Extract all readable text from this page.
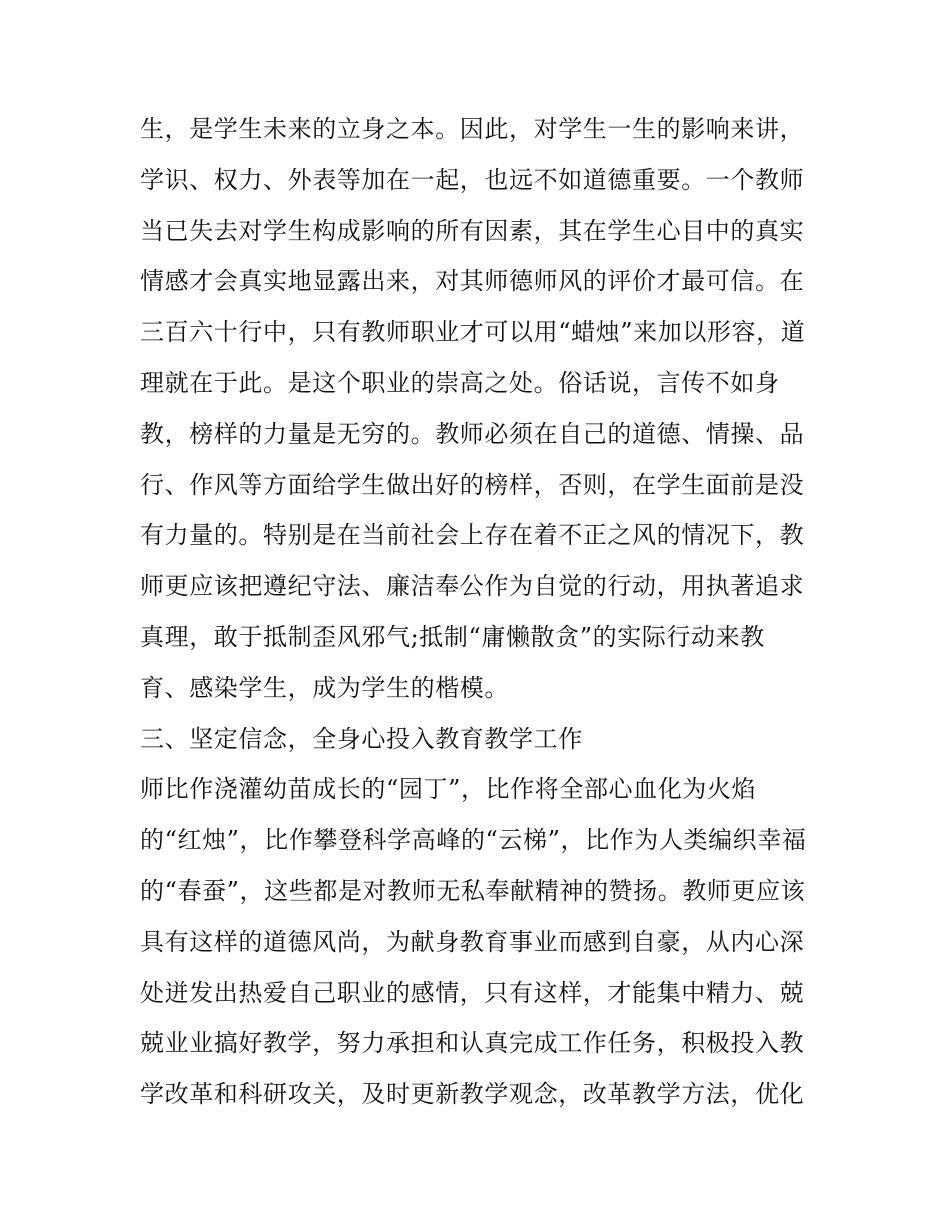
生，是学生未来的立身之本。因此，对学生一生的影响来讲，
学识、权力、外表等加在一起，也远不如道德重要。一个教师
当已失去对学生构成影响的所有因素，其在学生心目中的真实
情感才会真实地显露出来，对其师德师风的评价才最可信。在
三百六十行中，只有教师职业才可以用“蜡烛”来加以形容，道
理就在于此。是这个职业的崇高之处。俗话说，言传不如身
教，榜样的力量是无穷的。教师必须在自己的道德、情操、品
行、作风等方面给学生做出好的榜样，否则，在学生面前是没
有力量的。特别是在当前社会上存在着不正之风的情况下，教
师更应该把遵纪守法、廉洁奉公作为自觉的行动，用执著追求
真理，敢于抵制歪风邪气;抵制“庸懒散贪”的实际行动来教
育、感染学生，成为学生的楷模。
三、坚定信念，全身心投入教育教学工作
师比作浇灌幼苗成长的“园丁”，比作将全部心血化为火焰
的“红烛”，比作攀登科学高峰的“云梯”，比作为人类编织幸福
的“春蚕”，这些都是对教师无私奉献精神的赞扬。教师更应该
具有这样的道德风尚，为献身教育事业而感到自豪，从内心深
处迸发出热爱自己职业的感情，只有这样，才能集中精力、兢
兢业业搞好教学，努力承担和认真完成工作任务，积极投入教
学改革和科研攻关，及时更新教学观念，改革教学方法，优化
